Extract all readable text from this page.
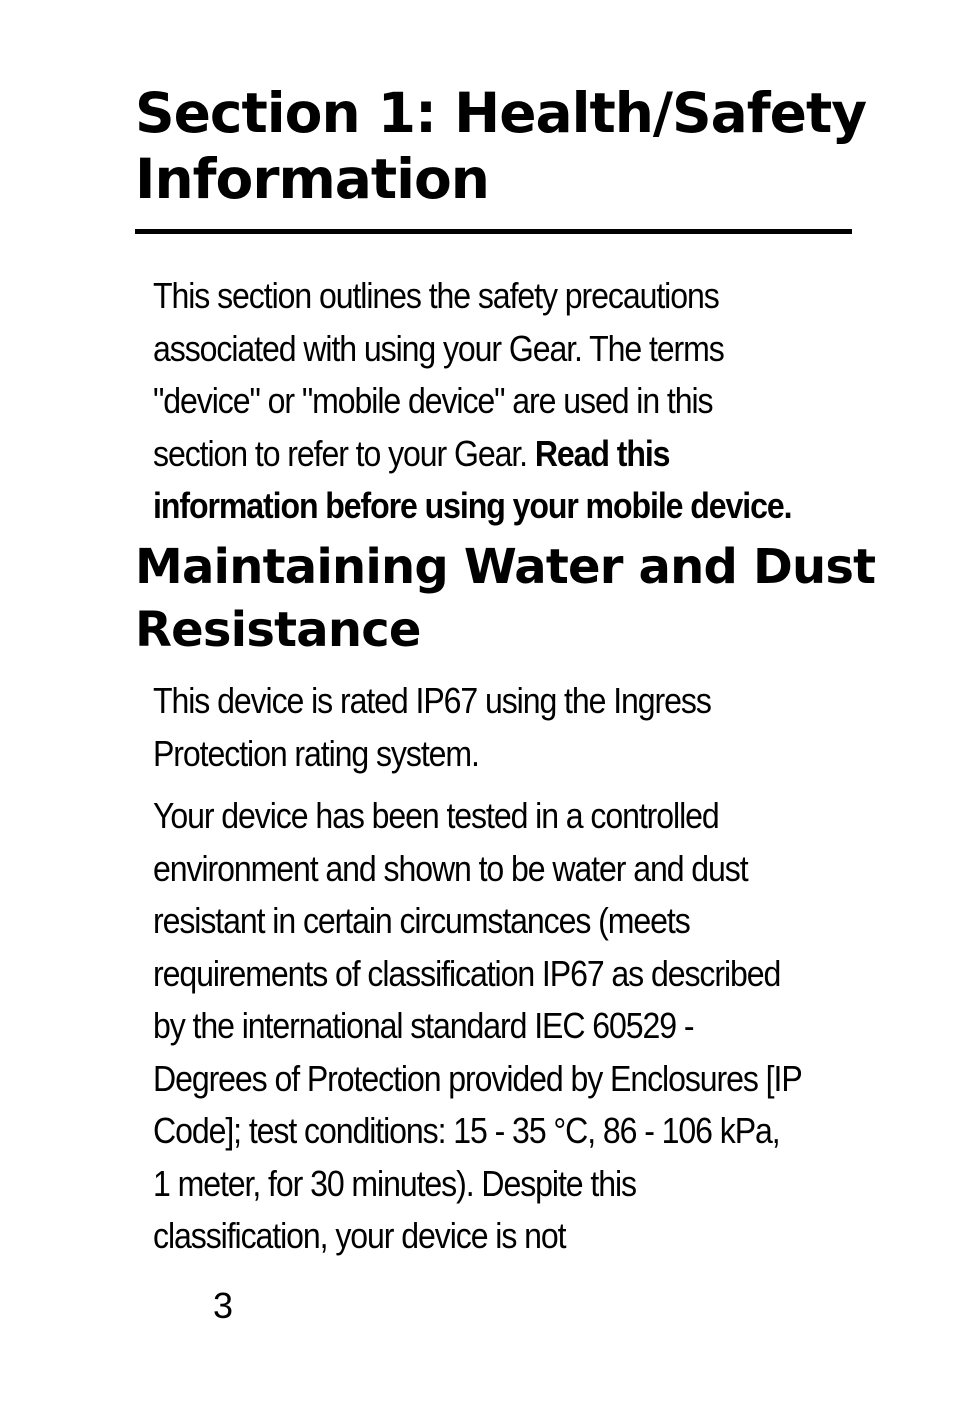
Section 1: Health/Safety Information

This section outlines the safety precautions associated with using your Gear. The terms "device" or "mobile device" are used in this section to refer to your Gear. Read this information before using your mobile device.

Maintaining Water and Dust Resistance

This device is rated IP67 using the Ingress Protection rating system.

Your device has been tested in a controlled environment and shown to be water and dust resistant in certain circumstances (meets requirements of classification IP67 as described by the international standard IEC 60529 - Degrees of Protection provided by Enclosures [IP Code]; test conditions: 15 - 35 °C, 86 - 106 kPa, 1 meter, for 30 minutes). Despite this classification, your device is not

3
